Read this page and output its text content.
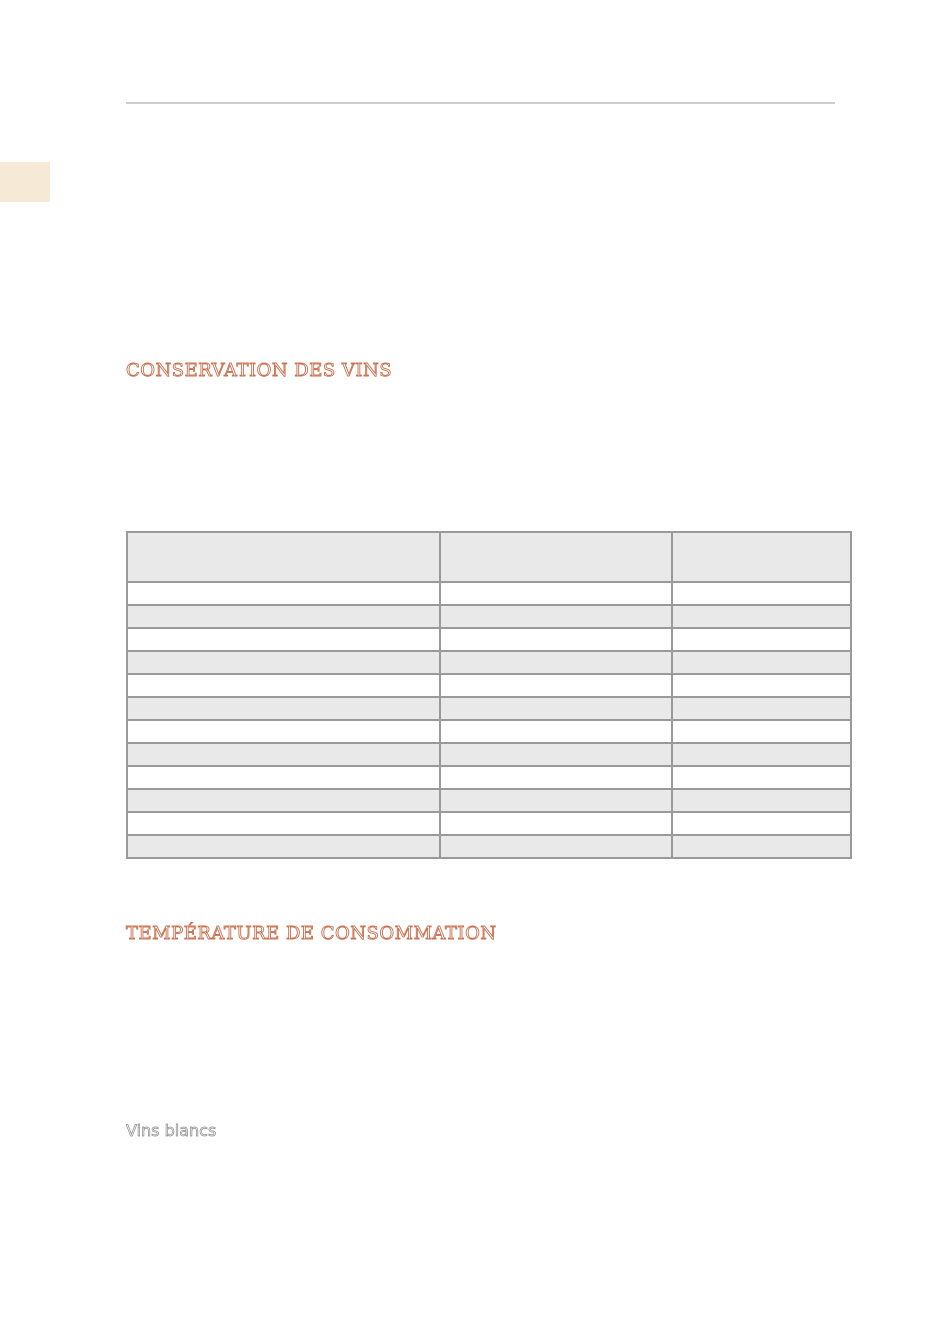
CONSERVATION DES VINS

TEMPÉRATURE DE CONSOMMATION
Vins blancs
